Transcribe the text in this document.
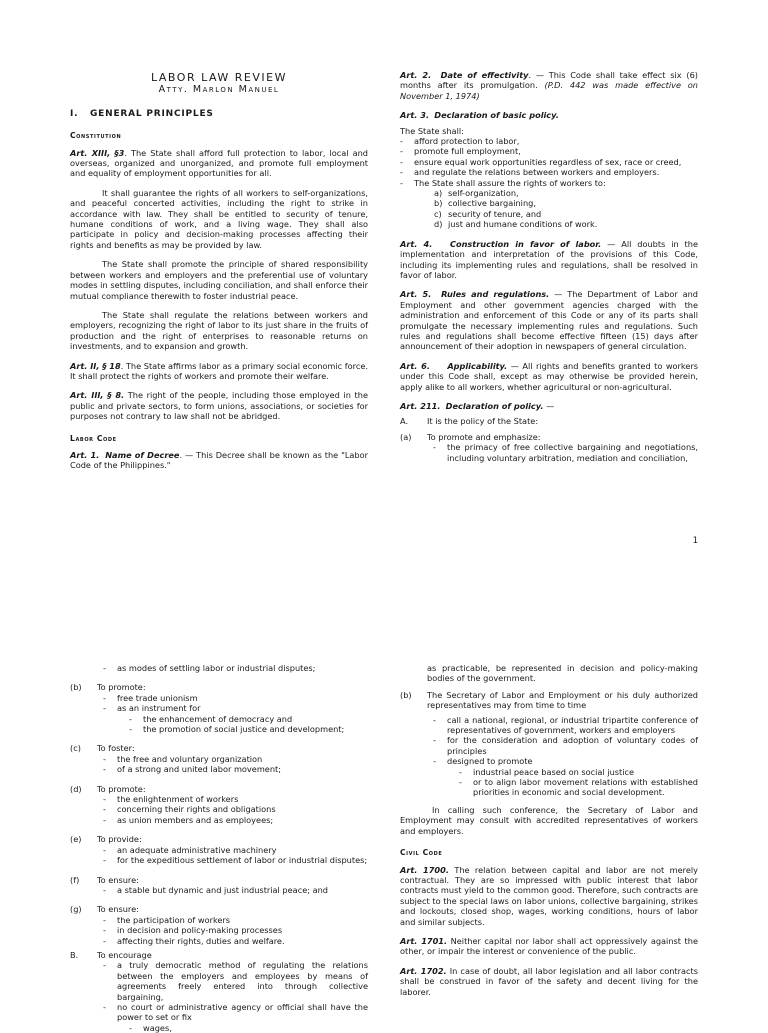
LABOR LAW REVIEW
Atty. Marlon Manuel
I. GENERAL PRINCIPLES
Constitution
Art. XIII, §3. The State shall afford full protection to labor, local and overseas, organized and unorganized, and promote full employment and equality of employment opportunities for all.
It shall guarantee the rights of all workers to self-organizations, and peaceful concerted activities, including the right to strike in accordance with law. They shall be entitled to security of tenure, humane conditions of work, and a living wage. They shall also participate in policy and decision-making processes affecting their rights and benefits as may be provided by law.
The State shall promote the principle of shared responsibility between workers and employers and the preferential use of voluntary modes in settling disputes, including conciliation, and shall enforce their mutual compliance therewith to foster industrial peace.
The State shall regulate the relations between workers and employers, recognizing the right of labor to its just share in the fruits of production and the right of enterprises to reasonable returns on investments, and to expansion and growth.
Art. II, § 18. The State affirms labor as a primary social economic force. It shall protect the rights of workers and promote their welfare.
Art. III, § 8. The right of the people, including those employed in the public and private sectors, to form unions, associations, or societies for purposes not contrary to law shall not be abridged.
Labor Code
Art. 1. Name of Decree. — This Decree shall be known as the "Labor Code of the Philippines."
Art. 2. Date of effectivity. — This Code shall take effect six (6) months after its promulgation. (P.D. 442 was made effective on November 1, 1974)
Art. 3. Declaration of basic policy.
The State shall:
- afford protection to labor,
- promote full employment,
- ensure equal work opportunities regardless of sex, race or creed,
- and regulate the relations between workers and employers.
- The State shall assure the rights of workers to:
a) self-organization,
b) collective bargaining,
c) security of tenure, and
d) just and humane conditions of work.
Art. 4. Construction in favor of labor. — All doubts in the implementation and interpretation of the provisions of this Code, including its implementing rules and regulations, shall be resolved in favor of labor.
Art. 5. Rules and regulations. — The Department of Labor and Employment and other government agencies charged with the administration and enforcement of this Code or any of its parts shall promulgate the necessary implementing rules and regulations. Such rules and regulations shall become effective fifteen (15) days after announcement of their adoption in newspapers of general circulation.
Art. 6. Applicability. — All rights and benefits granted to workers under this Code shall, except as may otherwise be provided herein, apply alike to all workers, whether agricultural or non-agricultural.
Art. 211. Declaration of policy. —
A. It is the policy of the State:
(a) To promote and emphasize:
- the primacy of free collective bargaining and negotiations, including voluntary arbitration, mediation and conciliation,
1
- as modes of settling labor or industrial disputes;
(b) To promote:
- free trade unionism
- as an instrument for
- the enhancement of democracy and
- the promotion of social justice and development;
(c) To foster:
- the free and voluntary organization
- of a strong and united labor movement;
(d) To promote:
- the enlightenment of workers
- concerning their rights and obligations
- as union members and as employees;
(e) To provide:
- an adequate administrative machinery
- for the expeditious settlement of labor or industrial disputes;
(f) To ensure:
- a stable but dynamic and just industrial peace; and
(g) To ensure:
- the participation of workers
- in decision and policy-making processes
- affecting their rights, duties and welfare.
B. To encourage
- a truly democratic method of regulating the relations between the employers and employees by means of agreements freely entered into through collective bargaining,
- no court or administrative agency or official shall have the power to set or fix
- wages,
as practicable, be represented in decision and policy-making bodies of the government.
(b) The Secretary of Labor and Employment or his duly authorized representatives may from time to time
- call a national, regional, or industrial tripartite conference of representatives of government, workers and employers
- for the consideration and adoption of voluntary codes of principles
- designed to promote
- industrial peace based on social justice
- or to align labor movement relations with established priorities in economic and social development.
In calling such conference, the Secretary of Labor and Employment may consult with accredited representatives of workers and employers.
Civil Code
Art. 1700. The relation between capital and labor are not merely contractual. They are so impressed with public interest that labor contracts must yield to the common good. Therefore, such contracts are subject to the special laws on labor unions, collective bargaining, strikes and lockouts, closed shop, wages, working conditions, hours of labor and similar subjects.
Art. 1701. Neither capital nor labor shall act oppressively against the other, or impair the interest or convenience of the public.
Art. 1702. In case of doubt, all labor legislation and all labor contracts shall be construed in favor of the safety and decent living for the laborer.
